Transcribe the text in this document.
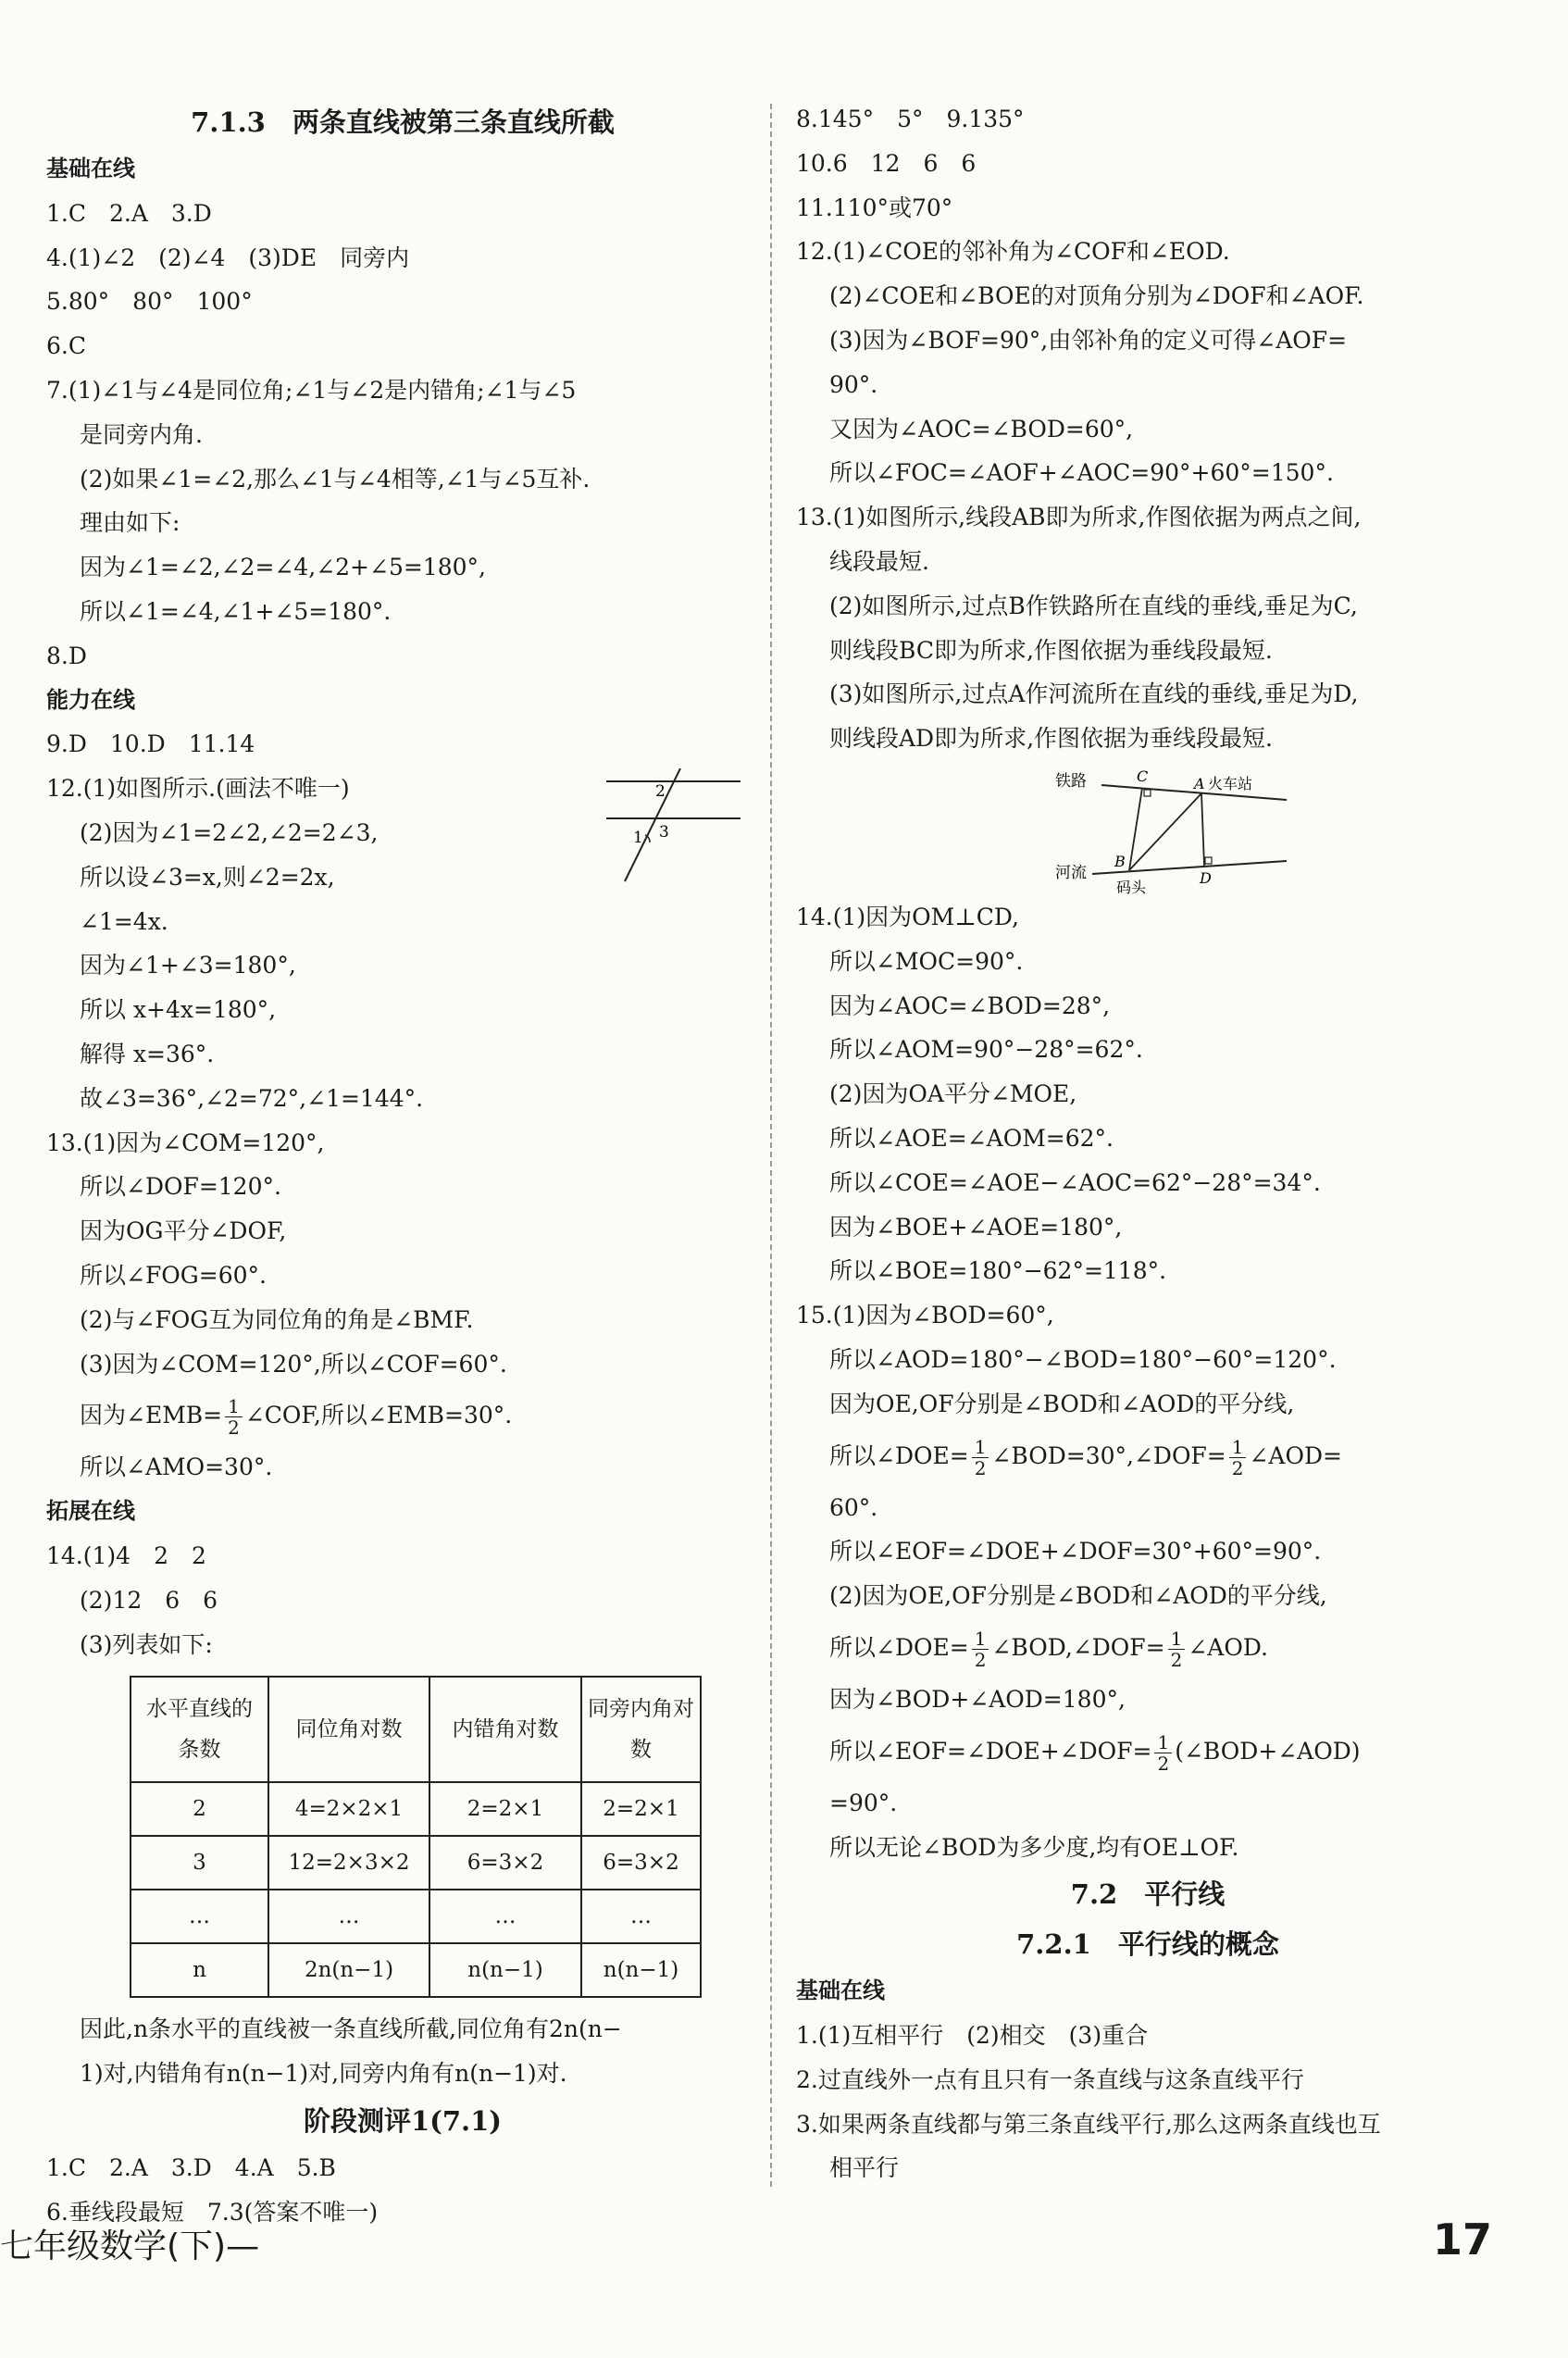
7.1.3　两条直线被第三条直线所截
基础在线
1.C　2.A　3.D
4.(1)∠2　(2)∠4　(3)DE　同旁内
5.80°　80°　100°
6.C
7.(1)∠1与∠4是同位角;∠1与∠2是内错角;∠1与∠5
是同旁内角.
(2)如果∠1=∠2,那么∠1与∠4相等,∠1与∠5互补.
理由如下:
因为∠1=∠2,∠2=∠4,∠2+∠5=180°,
所以∠1=∠4,∠1+∠5=180°.
8.D
能力在线
2
1 3
9.D　10.D　11.14
12.(1)如图所示.(画法不唯一)
(2)因为∠1=2∠2,∠2=2∠3,
所以设∠3=x,则∠2=2x,
∠1=4x.
因为∠1+∠3=180°,
所以 x+4x=180°,
解得 x=36°.
故∠3=36°,∠2=72°,∠1=144°.
13.(1)因为∠COM=120°,
所以∠DOF=120°.
因为OG平分∠DOF,
所以∠FOG=60°.
(2)与∠FOG互为同位角的角是∠BMF.
(3)因为∠COM=120°,所以∠COF=60°.
因为∠EMB= $\frac{1}{2}$ ∠COF,所以∠EMB=30°.
所以∠AMO=30°.
拓展在线
14.(1)4　2　2
(2)12　6　6
(3)列表如下:
水平直线的条数	同位角对数	内错角对数	同旁内角对数
2	4=2×2×1	2=2×1	2=2×1
3	12=2×3×2	6=3×2	6=3×2
…	…	…	…
n	2n(n−1)	n(n−1)	n(n−1)
因此,n条水平的直线被一条直线所截,同位角有2n(n−
1)对,内错角有n(n−1)对,同旁内角有n(n−1)对.
阶段测评1(7.1)
1.C　2.A　3.D　4.A　5.B
6.垂线段最短　7.3(答案不唯一)
8.145°　5°　9.135°
10.6　12　6　6
11.110°或70°
12.(1)∠COE的邻补角为∠COF和∠EOD.
(2)∠COE和∠BOE的对顶角分别为∠DOF和∠AOF.
(3)因为∠BOF=90°,由邻补角的定义可得∠AOF=
90°.
又因为∠AOC=∠BOD=60°,
所以∠FOC=∠AOF+∠AOC=90°+60°=150°.
13.(1)如图所示,线段AB即为所求,作图依据为两点之间,
线段最短.
(2)如图所示,过点B作铁路所在直线的垂线,垂足为C,
则线段BC即为所求,作图依据为垂线段最短.
(3)如图所示,过点A作河流所在直线的垂线,垂足为D,
则线段AD即为所求,作图依据为垂线段最短.
铁路	C	A 火车站
河流
B
D
码头
14.(1)因为OM⊥CD,
所以∠MOC=90°.
因为∠AOC=∠BOD=28°,
所以∠AOM=90°−28°=62°.
(2)因为OA平分∠MOE,
所以∠AOE=∠AOM=62°.
所以∠COE=∠AOE−∠AOC=62°−28°=34°.
因为∠BOE+∠AOE=180°,
所以∠BOE=180°−62°=118°.
15.(1)因为∠BOD=60°,
所以∠AOD=180°−∠BOD=180°−60°=120°.
因为OE,OF分别是∠BOD和∠AOD的平分线,
所以∠DOE= $\frac{1}{2}$ ∠BOD=30°,∠DOF= $\frac{1}{2}$ ∠AOD=
60°.
所以∠EOF=∠DOE+∠DOF=30°+60°=90°.
(2)因为OE,OF分别是∠BOD和∠AOD的平分线,
所以∠DOE= $\frac{1}{2}$ ∠BOD,∠DOF= $\frac{1}{2}$ ∠AOD.
因为∠BOD+∠AOD=180°,
所以∠EOF=∠DOE+∠DOF= $\frac{1}{2}$ (∠BOD+∠AOD)
=90°.
所以无论∠BOD为多少度,均有OE⊥OF.
7.2　平行线
7.2.1　平行线的概念
基础在线
1.(1)互相平行　(2)相交　(3)重合
2.过直线外一点有且只有一条直线与这条直线平行
3.如果两条直线都与第三条直线平行,那么这两条直线也互
相平行
七年级数学(下)—	17
